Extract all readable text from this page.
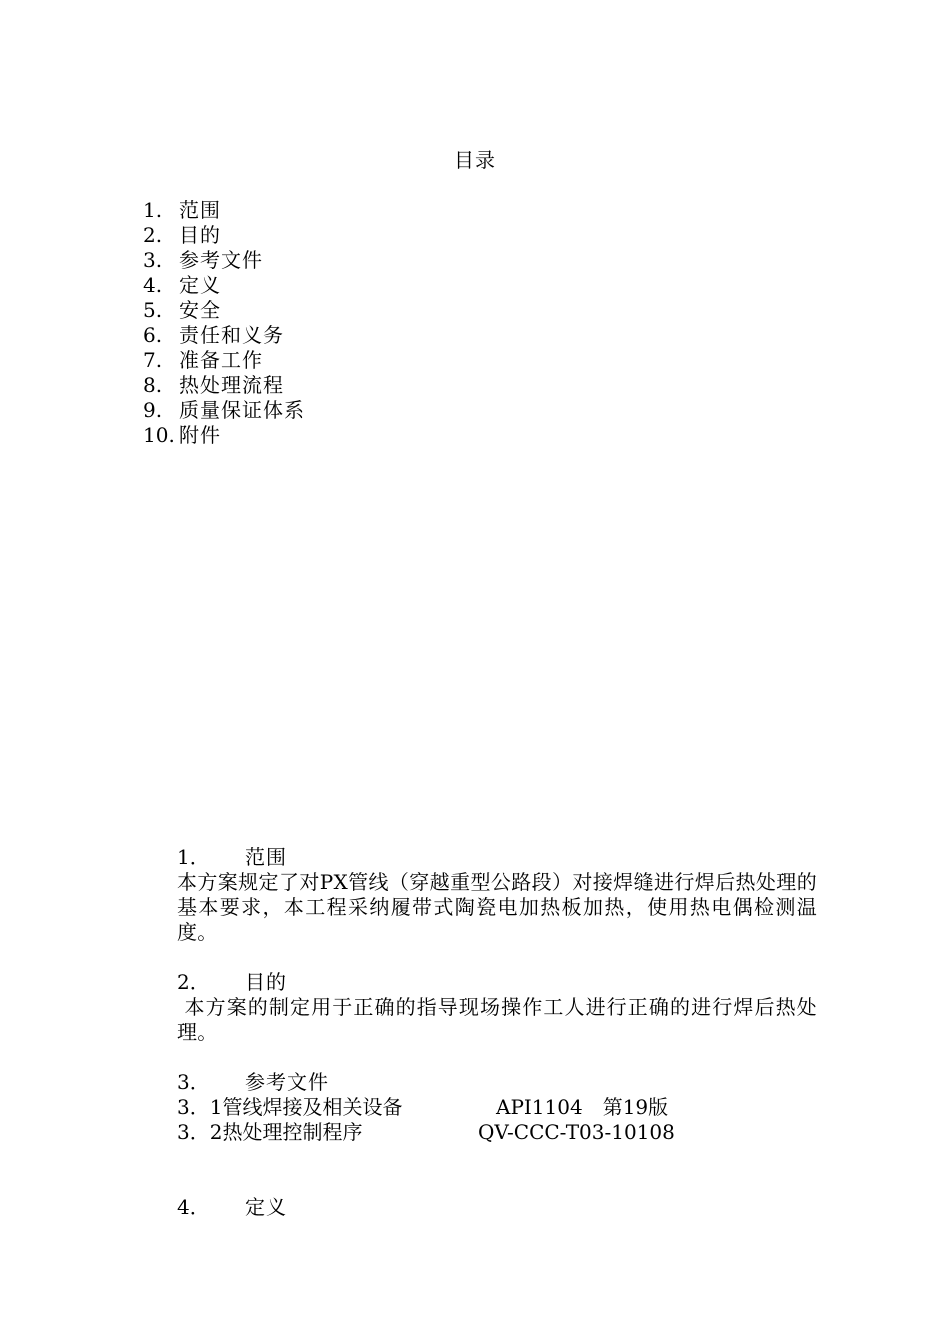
目录
1. 范围
2. 目的
3. 参考文件
4. 定义
5. 安全
6. 责任和义务
7. 准备工作
8. 热处理流程
9. 质量保证体系
10. 附件
1． 范围

本方案规定了对PX管线（穿越重型公路段）对接焊缝进行焊后热处理的基本要求，本工程采纳履带式陶瓷电加热板加热，使用热电偶检测温度。

2． 目的

本方案的制定用于正确的指导现场操作工人进行正确的进行焊后热处理。

3． 参考文件
3．1管线焊接及相关设备	API1104　第19版
3．2热处理控制程序	QV-CCC-T03-10108
4． 定义
